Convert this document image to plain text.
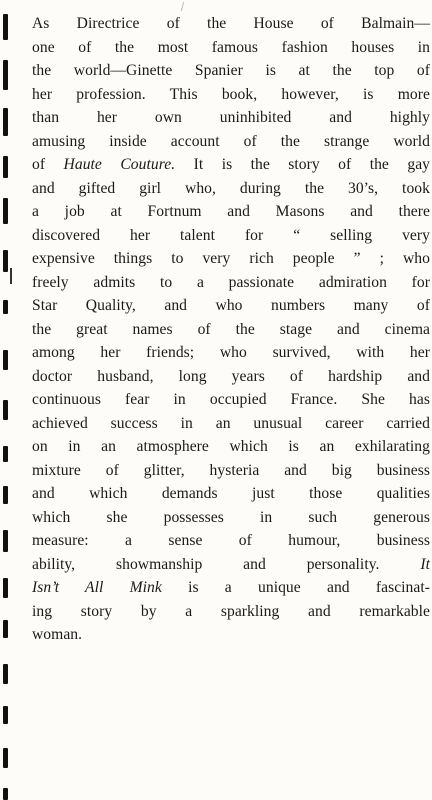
As Directrice of the House of Balmain—
one of the most famous fashion houses in
the world—Ginette Spanier is at the top of
her profession. This book, however, is more
than her own uninhibited and highly
amusing inside account of the strange world
of Haute Couture. It is the story of the gay
and gifted girl who, during the 30’s, took
a job at Fortnum and Masons and there
discovered her talent for “ selling very
expensive things to very rich people ” ; who
freely admits to a passionate admiration for
Star Quality, and who numbers many of
the great names of the stage and cinema
among her friends; who survived, with her
doctor husband, long years of hardship and
continuous fear in occupied France. She has
achieved success in an unusual career carried
on in an atmosphere which is an exhilarating
mixture of glitter, hysteria and big business
and which demands just those qualities
which she possesses in such generous
measure: a sense of humour, business
ability, showmanship and personality. It
Isn’t All Mink is a unique and fascinat-
ing story by a sparkling and remarkable
woman.
